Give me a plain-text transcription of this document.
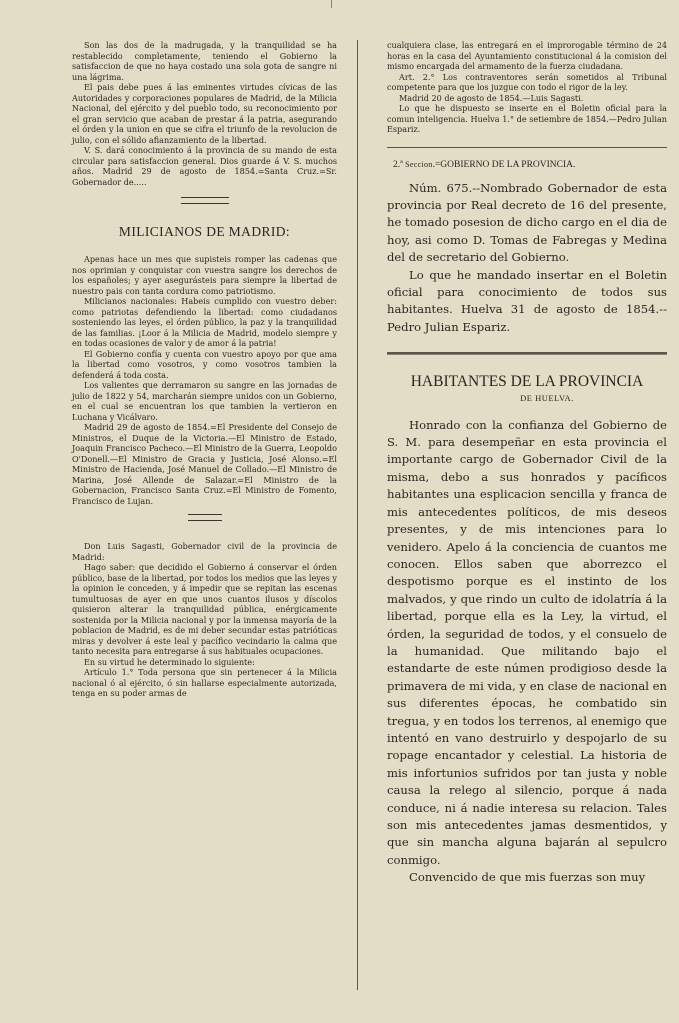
Son las dos de la madrugada, y la tranquilidad se ha restablecido completamente, teniendo el Gobierno la satisfaccion de que no haya costado una sola gota de sangre ni una lágrima.

El pais debe pues á las eminentes virtudes cívicas de las Autoridades y corporaciones populares de Madrid, de la Milicia Nacional, del ejército y del pueblo todo, su reconocimiento por el gran servicio que acaban de prestar á la patria, asegurando el órden y la union en que se cifra el triunfo de la revolucion de julio, con el sólido afianzamiento de la libertad.

V. S. dará conocimiento á la provincia de su mando de esta circular para satisfaccion general. Dios guarde á V. S. muchos años. Madrid 29 de agosto de 1854.=Santa Cruz.=Sr. Gobernador de.....

MILICIANOS DE MADRID:

Apenas hace un mes que supisteis romper las cadenas que nos oprimian y conquistar con vuestra sangre los derechos de los españoles; y ayer asegurásteis para siempre la libertad de nuestro pais con tanta cordura como patriotismo.

Milicianos nacionales: Habeis cumplido con vuestro deber: como patriotas defendiendo la libertad: como ciudadanos sosteniendo las leyes, el órden público, la paz y la tranquilidad de las familias. ¡Loor á la Milicia de Madrid, modelo siempre y en todas ocasiones de valor y de amor á la patria!

El Gobierno confía y cuenta con vuestro apoyo por que ama la libertad como vosotros, y como vosotros tambien la defenderá á toda costa.

Los valientes que derramaron su sangre en las jornadas de julio de 1822 y 54, marcharán siempre unidos con un Gobierno, en el cual se encuentran los que tambien la vertieron en Luchana y Vicálvaro.

Madrid 29 de agosto de 1854.=El Presidente del Consejo de Ministros, el Duque de la Victoria.—El Ministro de Estado, Joaquin Francisco Pacheco.—El Ministro de la Guerra, Leopoldo O'Donell.—El Ministro de Gracia y Justicia, José Alonso.=El Ministro de Hacienda, José Manuel de Collado.—El Ministro de Marina, José Allende de Salazar.=El Ministro de la Gobernacion, Francisco Santa Cruz.=El Ministro de Fomento, Francisco de Lujan.

Don Luis Sagasti, Gobernador civil de la provincia de Madrid:

Hago saber: que decidido el Gobierno á conservar el órden público, base de la libertad, por todos los medios que las leyes y la opinion le conceden, y á impedir que se repitan las escenas tumultuosas de ayer en que unos cuantos ilusos y díscolos quisieron alterar la tranquilidad pública, enérgicamente sostenida por la Milicia nacional y por la inmensa mayoría de la poblacion de Madrid, es de mi deber secundar estas patrióticas miras y devolver á este leal y pacífico vecindario la calma que tanto necesita para entregarse á sus habituales ocupaciones.

En su virtud he determinado lo siguiente:

Artículo 1.° Toda persona que sin pertenecer á la Milicia nacional ó al ejército, ó sin hallarse especialmente autorizada, tenga en su poder armas de

cualquiera clase, las entregará en el improrogable término de 24 horas en la casa del Ayuntamiento constitucional á la comision del mismo encargada del armamento de la fuerza ciudadana.

Art. 2.° Los contraventores serán sometidos al Tribunal competente para que los juzgue con todo el rigor de la ley.

Madrid 20 de agosto de 1854.—Luis Sagasti.

Lo que he dispuesto se inserte en el Boletin oficial para la comun inteligencia. Huelva 1.° de setiembre de 1854.—Pedro Julian Espariz.

2.ª Seccion.=GOBIERNO DE LA PROVINCIA.

Núm. 675.--Nombrado Gobernador de esta provincia por Real decreto de 16 del presente, he tomado posesion de dicho cargo en el dia de hoy, asi como D. Tomas de Fabregas y Medina del de secretario del Gobierno.

Lo que he mandado insertar en el Boletin oficial para conocimiento de todos sus habitantes. Huelva 31 de agosto de 1854.--Pedro Julian Espariz.

HABITANTES DE LA PROVINCIA
DE HUELVA.

Honrado con la confianza del Gobierno de S. M. para desempeñar en esta provincia el importante cargo de Gobernador Civil de la misma, debo a sus honrados y pacíficos habitantes una esplicacion sencilla y franca de mis antecedentes políticos, de mis deseos presentes, y de mis intenciones para lo venidero. Apelo á la conciencia de cuantos me conocen. Ellos saben que aborrezco el despotismo porque es el instinto de los malvados, y que rindo un culto de idolatría á la libertad, porque ella es la Ley, la virtud, el órden, la seguridad de todos, y el consuelo de la humanidad. Que militando bajo el estandarte de este númen prodigioso desde la primavera de mi vida, y en clase de nacional en sus diferentes épocas, he combatido sin tregua, y en todos los terrenos, al enemigo que intentó en vano destruirlo y despojarlo de su ropage encantador y celestial. La historia de mis infortunios sufridos por tan justa y noble causa la relego al silencio, porque á nada conduce, ni á nadie interesa su relacion. Tales son mis antecedentes jamas desmentidos, y que sin mancha alguna bajarán al sepulcro conmigo.

Convencido de que mis fuerzas son muy
